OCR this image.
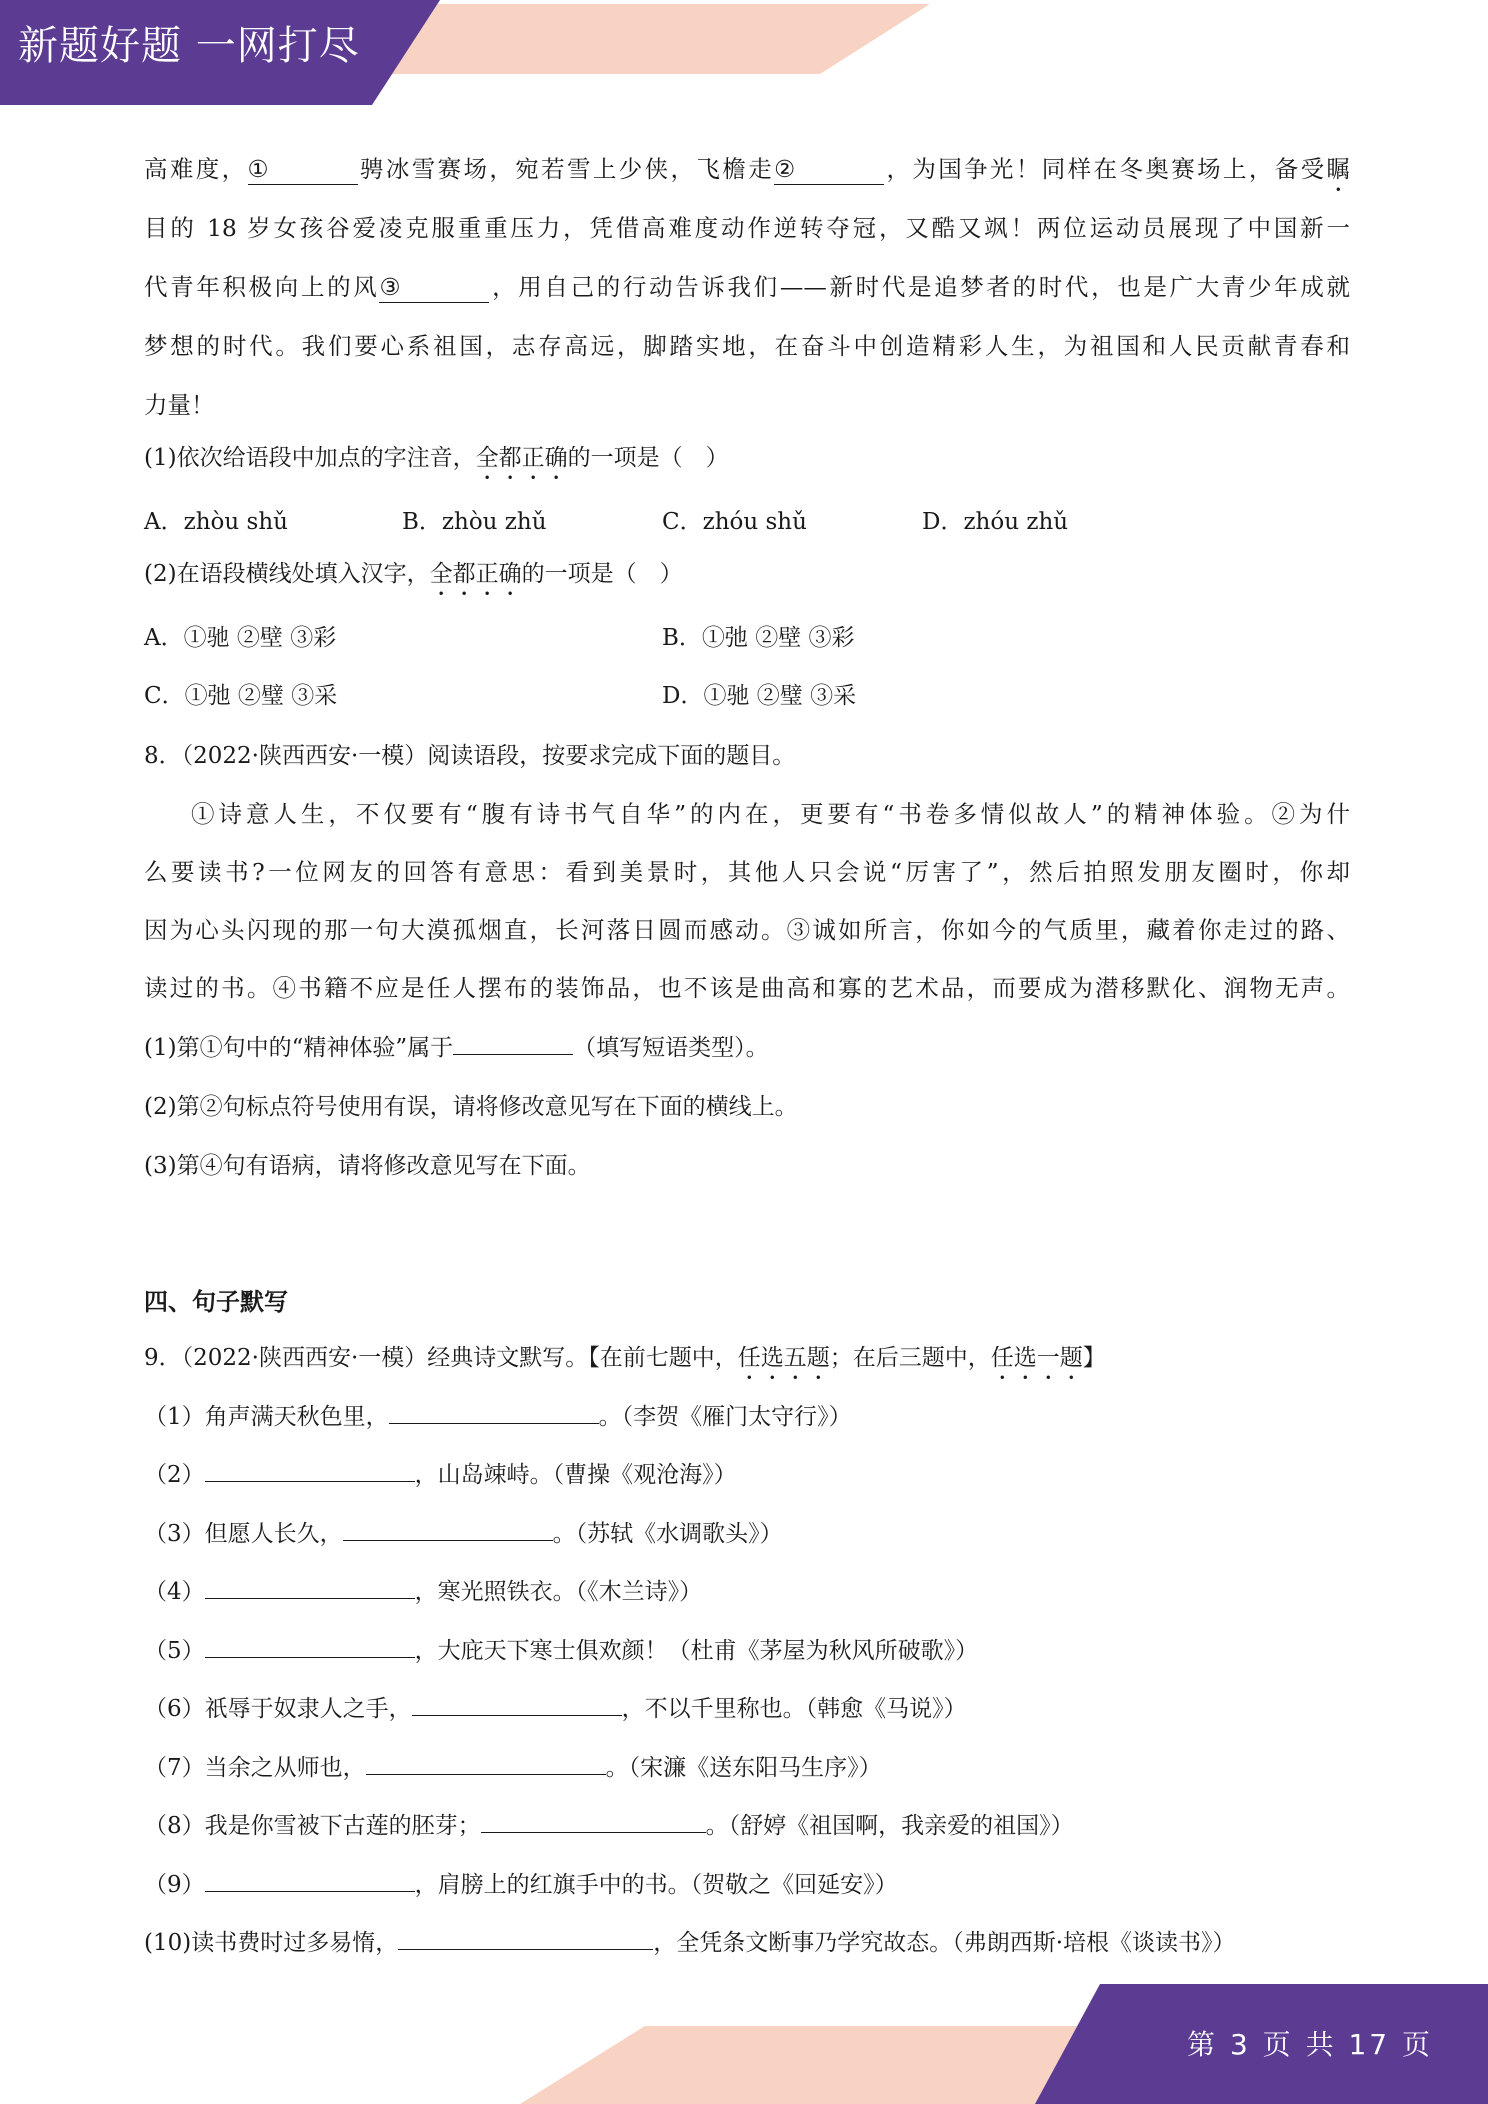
新题好题 一网打尽
高难度，①	骋冰雪赛场，宛若雪上少侠，飞檐走②	，为国争光！同样在冬奥赛场上，备受瞩
目的 18 岁女孩谷爱凌克服重重压力，凭借高难度动作逆转夺冠，又酷又飒！两位运动员展现了中国新一
代青年积极向上的风③	，用自己的行动告诉我们——新时代是追梦者的时代，也是广大青少年成就
梦想的时代。我们要心系祖国，志存高远，脚踏实地，在奋斗中创造精彩人生，为祖国和人民贡献青春和
力量！
(1)依次给语段中加点的字注音，全都正确的一项是（　）
A．zhòu shǔ	B．zhòu zhǔ	C．zhóu shǔ	D．zhóu zhǔ
(2)在语段横线处填入汉字，全都正确的一项是（　）
A．①驰 ②壁 ③彩	B．①弛 ②壁 ③彩
C．①弛 ②璧 ③采	D．①驰 ②璧 ③采
8．（2022·陕西西安·一模）阅读语段，按要求完成下面的题目。
①诗意人生，不仅要有“腹有诗书气自华”的内在，更要有“书卷多情似故人”的精神体验。②为什
么要读书?一位网友的回答有意思：看到美景时，其他人只会说“厉害了”，然后拍照发朋友圈时，你却
因为心头闪现的那一句大漠孤烟直，长河落日圆而感动。③诚如所言，你如今的气质里，藏着你走过的路、
读过的书。④书籍不应是任人摆布的装饰品，也不该是曲高和寡的艺术品，而要成为潜移默化、润物无声。
(1)第①句中的“精神体验”属于	（填写短语类型）。
(2)第②句标点符号使用有误，请将修改意见写在下面的横线上。
(3)第④句有语病，请将修改意见写在下面。
四、句子默写
9．（2022·陕西西安·一模）经典诗文默写。【在前七题中，任选五题；在后三题中，任选一题】
（1）角声满天秋色里，	。（李贺《雁门太守行》）
（2）	，山岛竦峙。（曹操《观沧海》）
（3）但愿人长久，	。（苏轼《水调歌头》）
（4）	，寒光照铁衣。（《木兰诗》）
（5）	，大庇天下寒士俱欢颜！（杜甫《茅屋为秋风所破歌》）
（6）祇辱于奴隶人之手，	，不以千里称也。（韩愈《马说》）
（7）当余之从师也，	。（宋濂《送东阳马生序》）
（8）我是你雪被下古莲的胚芽；	。（舒婷《祖国啊，我亲爱的祖国》）
（9）	，肩膀上的红旗手中的书。（贺敬之《回延安》）
(10)读书费时过多易惰，	，全凭条文断事乃学究故态。（弗朗西斯·培根《谈读书》）
第 3 页 共 17 页
